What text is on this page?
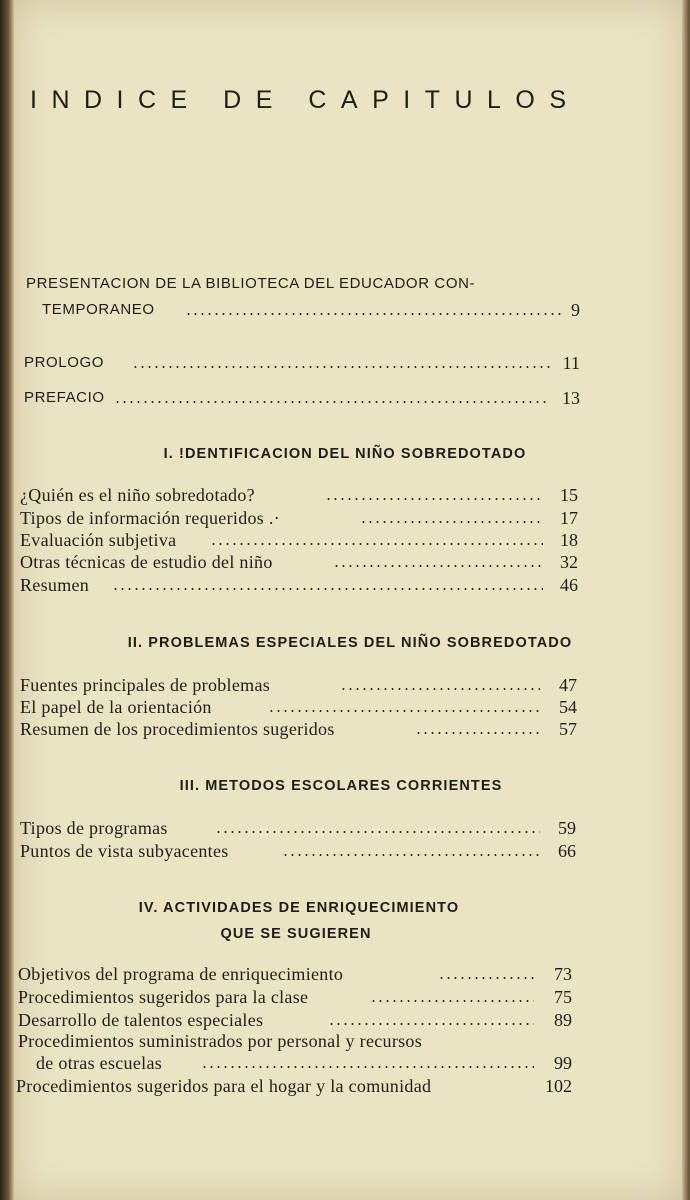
INDICE DE CAPITULOS
PRESENTACION DE LA BIBLIOTECA DEL EDUCADOR CON-
TEMPORANEO	9
PROLOGO	11
PREFACIO	13
I. !DENTIFICACION DEL NIÑO SOBREDOTADO
¿Quién es el niño sobredotado?	15
Tipos de información requeridos .·	17
Evaluación subjetiva	18
Otras técnicas de estudio del niño	32
Resumen	46
II. PROBLEMAS ESPECIALES DEL NIÑO SOBREDOTADO
Fuentes principales de problemas	47
El papel de la orientación	54
Resumen de los procedimientos sugeridos	57
III. METODOS ESCOLARES CORRIENTES
Tipos de programas	59
Puntos de vista subyacentes	66
IV. ACTIVIDADES DE ENRIQUECIMIENTO
QUE SE SUGIEREN
Objetivos del programa de enriquecimiento	73
Procedimientos sugeridos para la clase	75
Desarrollo de talentos especiales	89
Procedimientos suministrados por personal y recursos
de otras escuelas	99
Procedimientos sugeridos para el hogar y la comunidad	102
